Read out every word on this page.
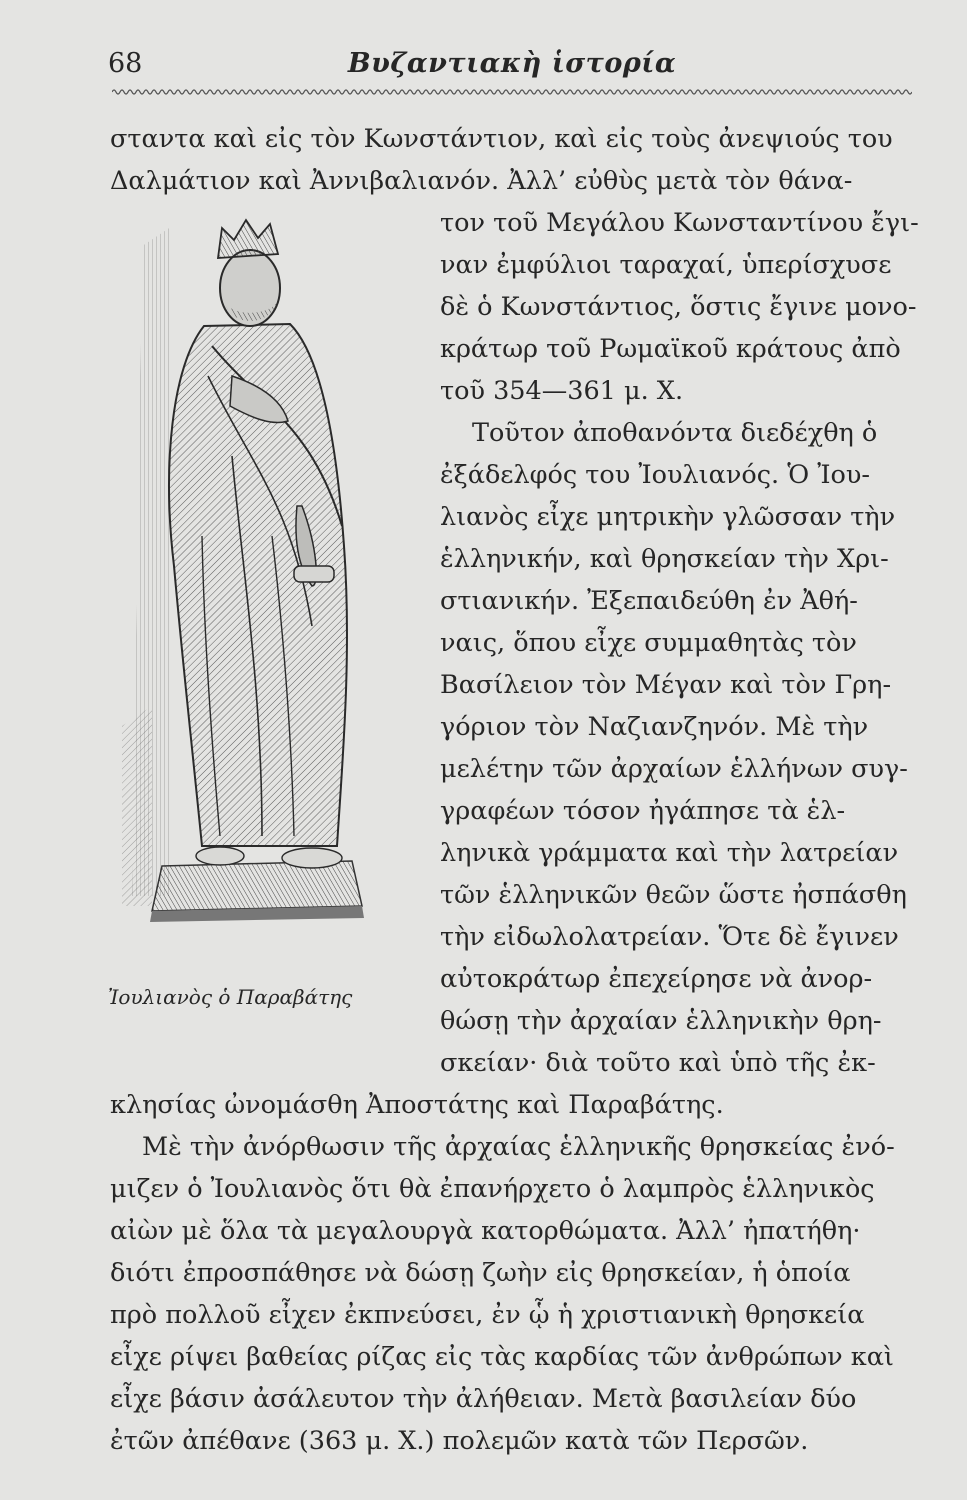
68	Βυζαντιακὴ ἱστορία
σταντα καὶ εἰς τὸν Κωνστάντιον, καὶ εἰς τοὺς ἀνεψιούς του
Δαλμάτιον καὶ Ἀννιβαλιανόν. Ἀλλ’ εὐθὺς μετὰ τὸν θάνα-
τον τοῦ Μεγάλου Κωνσταντίνου ἔγι-
ναν ἐμφύλιοι ταραχαί, ὑπερίσχυσε
δὲ ὁ Κωνστάντιος, ὅστις ἔγινε μονο-
κράτωρ τοῦ Ρωμαϊκοῦ κράτους ἀπὸ
τοῦ 354—361 μ. Χ.
Τοῦτον ἀποθανόντα διεδέχθη ὁ
ἐξάδελφός του Ἰουλιανός. Ὁ Ἰου-
λιανὸς εἶχε μητρικὴν γλῶσσαν τὴν
ἑλληνικήν, καὶ θρησκείαν τὴν Χρι-
στιανικήν. Ἐξεπαιδεύθη ἐν Ἀθή-
ναις, ὅπου εἶχε συμμαθητὰς τὸν
Βασίλειον τὸν Μέγαν καὶ τὸν Γρη-
γόριον τὸν Ναζιανζηνόν. Μὲ τὴν
μελέτην τῶν ἀρχαίων ἑλλήνων συγ-
γραφέων τόσον ἠγάπησε τὰ ἑλ-
ληνικὰ γράμματα καὶ τὴν λατρείαν
τῶν ἑλληνικῶν θεῶν ὥστε ἠσπάσθη
τὴν εἰδωλολατρείαν. Ὅτε δὲ ἔγινεν
αὐτοκράτωρ ἐπεχείρησε νὰ ἀνορ-
θώσῃ τὴν ἀρχαίαν ἑλληνικὴν θρη-
σκείαν· διὰ τοῦτο καὶ ὑπὸ τῆς ἐκ-
κλησίας ὠνομάσθη Ἀποστάτης καὶ Παραβάτης.
Μὲ τὴν ἀνόρθωσιν τῆς ἀρχαίας ἑλληνικῆς θρησκείας ἐνό-
μιζεν ὁ Ἰουλιανὸς ὅτι θὰ ἐπανήρχετο ὁ λαμπρὸς ἑλληνικὸς
αἰὼν μὲ ὅλα τὰ μεγαλουργὰ κατορθώματα. Ἀλλ’ ἠπατήθη·
διότι ἐπροσπάθησε νὰ δώσῃ ζωὴν εἰς θρησκείαν, ἡ ὁποία
πρὸ πολλοῦ εἶχεν ἐκπνεύσει, ἐν ᾧ ἡ χριστιανικὴ θρησκεία
εἶχε ρίψει βαθείας ρίζας εἰς τὰς καρδίας τῶν ἀνθρώπων καὶ
εἶχε βάσιν ἀσάλευτον τὴν ἀλήθειαν. Μετὰ βασιλείαν δύο
ἐτῶν ἀπέθανε (363 μ. Χ.) πολεμῶν κατὰ τῶν Περσῶν.
Ἰουλιανὸς ὁ Παραβάτης
